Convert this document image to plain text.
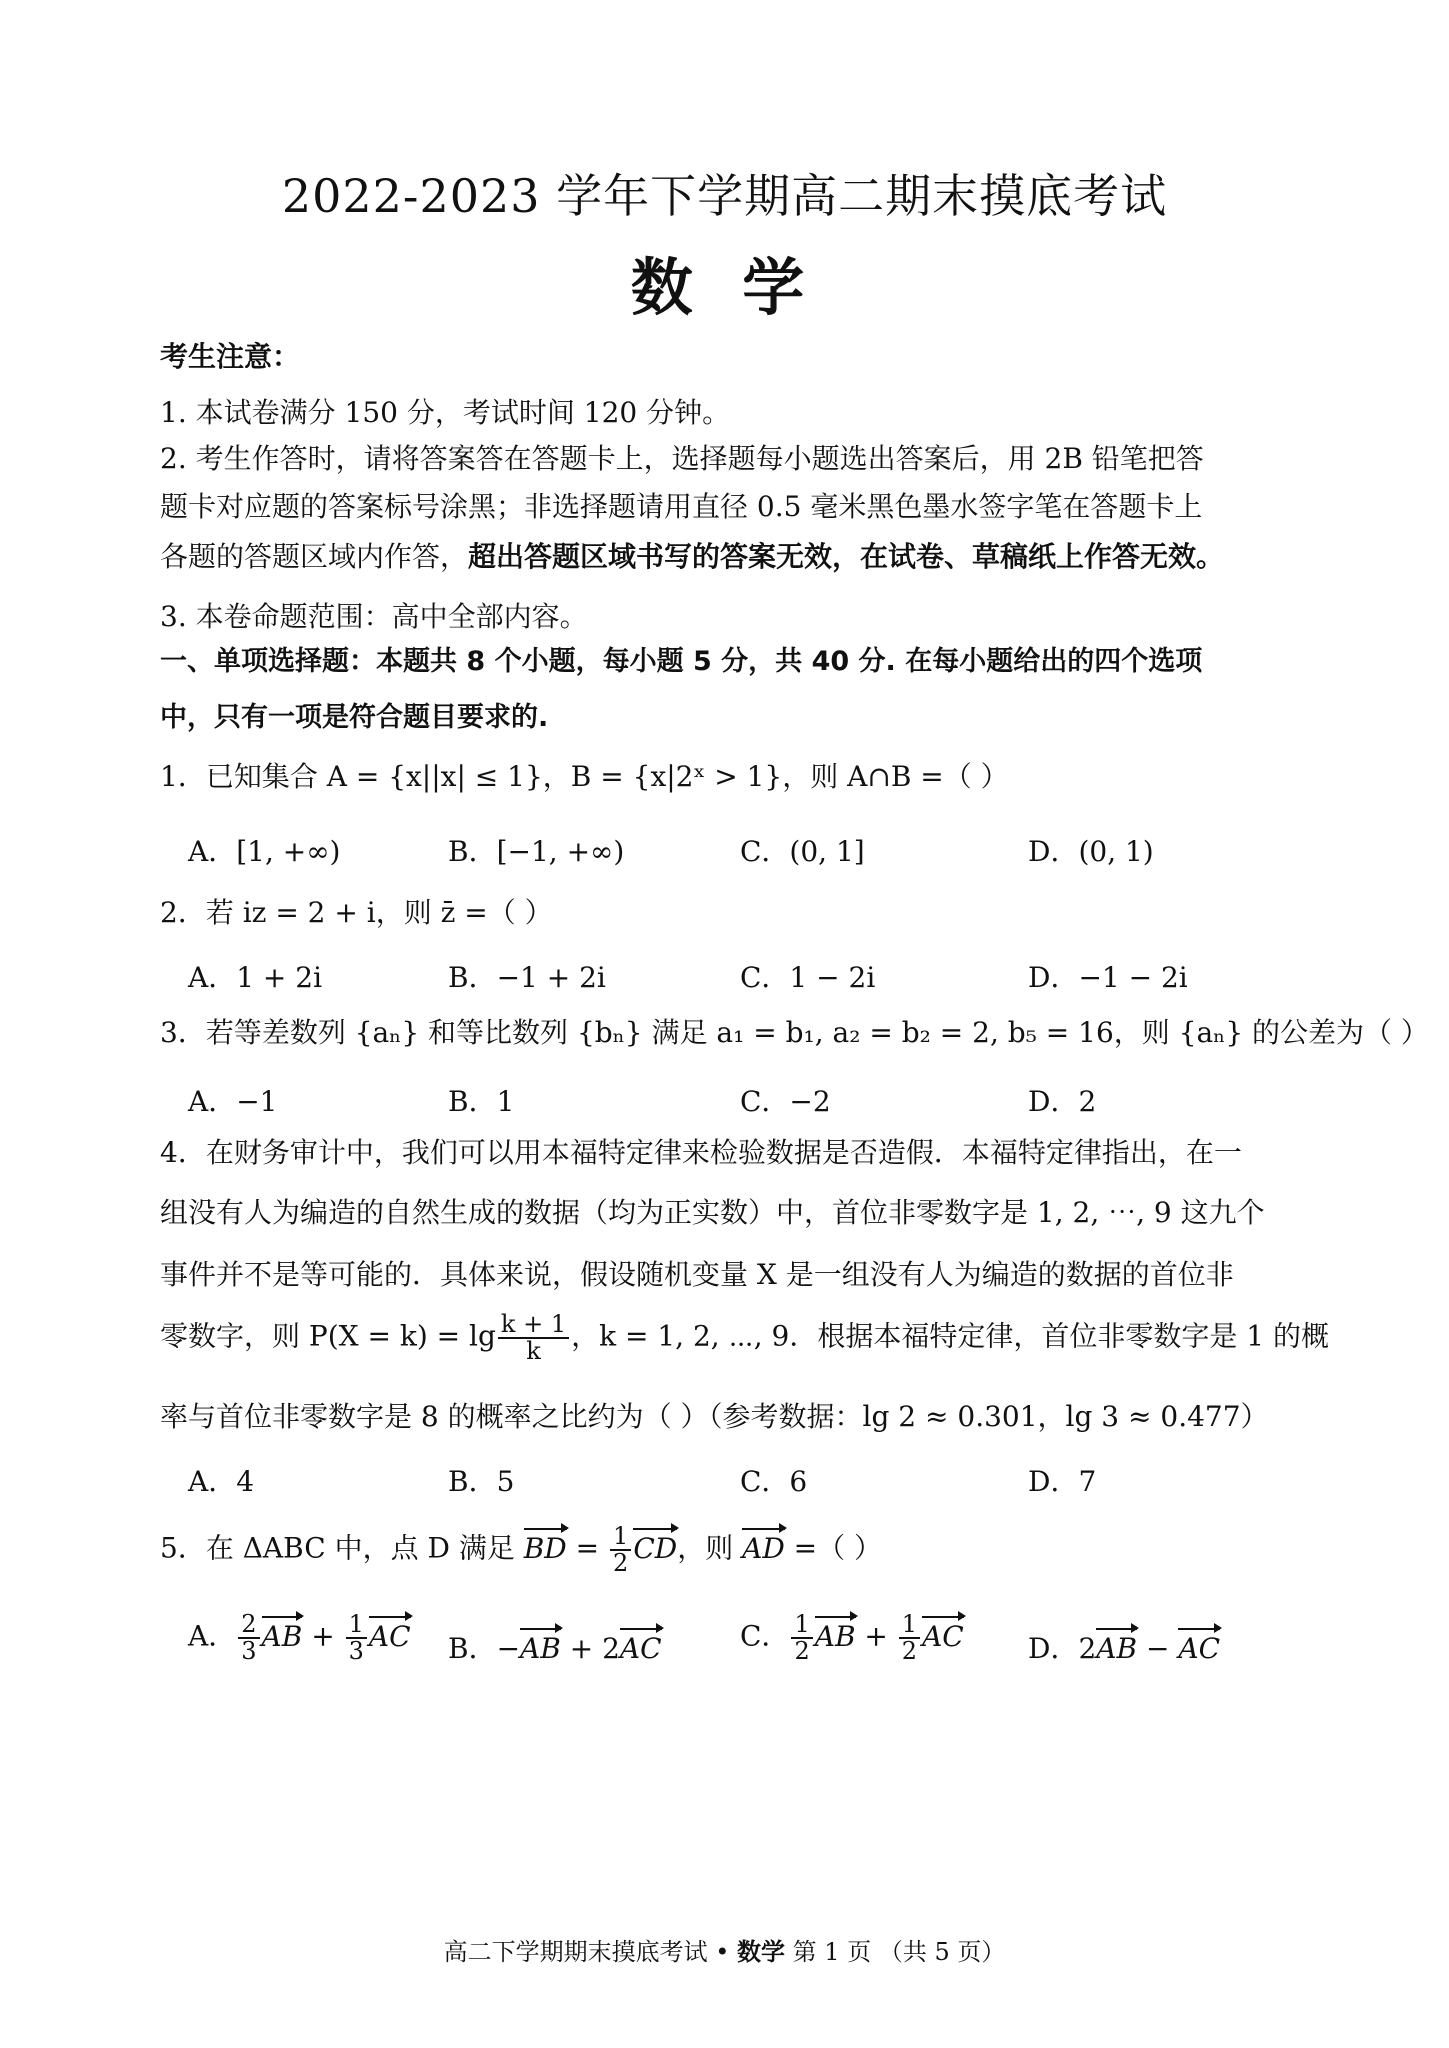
2022-2023 学年下学期高二期末摸底考试
数 学
考生注意：
1. 本试卷满分 150 分，考试时间 120 分钟。
2. 考生作答时，请将答案答在答题卡上，选择题每小题选出答案后，用 2B 铅笔把答
题卡对应题的答案标号涂黑；非选择题请用直径 0.5 毫米黑色墨水签字笔在答题卡上
各题的答题区域内作答，超出答题区域书写的答案无效，在试卷、草稿纸上作答无效。
3. 本卷命题范围：高中全部内容。
一、单项选择题：本题共 8 个小题，每小题 5 分，共 40 分. 在每小题给出的四个选项
中，只有一项是符合题目要求的.
1．已知集合 A = {x||x| ≤ 1}，B = {x|2ˣ > 1}，则 A∩B =（ ）
A．[1, +∞)	B．[−1, +∞)	C．(0, 1]	D．(0, 1)
2．若 iz = 2 + i，则 z̄ =（ ）
A．1 + 2i	B．−1 + 2i	C．1 − 2i	D．−1 − 2i
3．若等差数列 {aₙ} 和等比数列 {bₙ} 满足 a₁ = b₁, a₂ = b₂ = 2, b₅ = 16，则 {aₙ} 的公差为（ ）
A．−1	B．1	C．−2	D．2
4．在财务审计中，我们可以用本福特定律来检验数据是否造假．本福特定律指出，在一
组没有人为编造的自然生成的数据（均为正实数）中，首位非零数字是 1, 2, ⋯, 9 这九个
事件并不是等可能的．具体来说，假设随机变量 X 是一组没有人为编造的数据的首位非
零数字，则 $P(X = k) = \lg \frac{k + 1}{k}$ ，k = 1, 2, ⋯, 9．根据本福特定律，首位非零数字是 1 的概
率与首位非零数字是 8 的概率之比约为（ ）（参考数据：lg 2 ≈ 0.301，lg 3 ≈ 0.477）
A．4	B．5	C．6	D．7
5．在 ΔABC 中，点 D 满足 BD = $\frac{1}{2}$ CD，则 AD =（ ）
A． $\frac{2}{3}$ AB + $\frac{1}{3}$ AC B．−AB + 2AC	C． $\frac{1}{2}$ AB + $\frac{1}{2}$ AC D．2AB − AC
高二下学期期末摸底考试 • 数学 第 1 页 （共 5 页）
